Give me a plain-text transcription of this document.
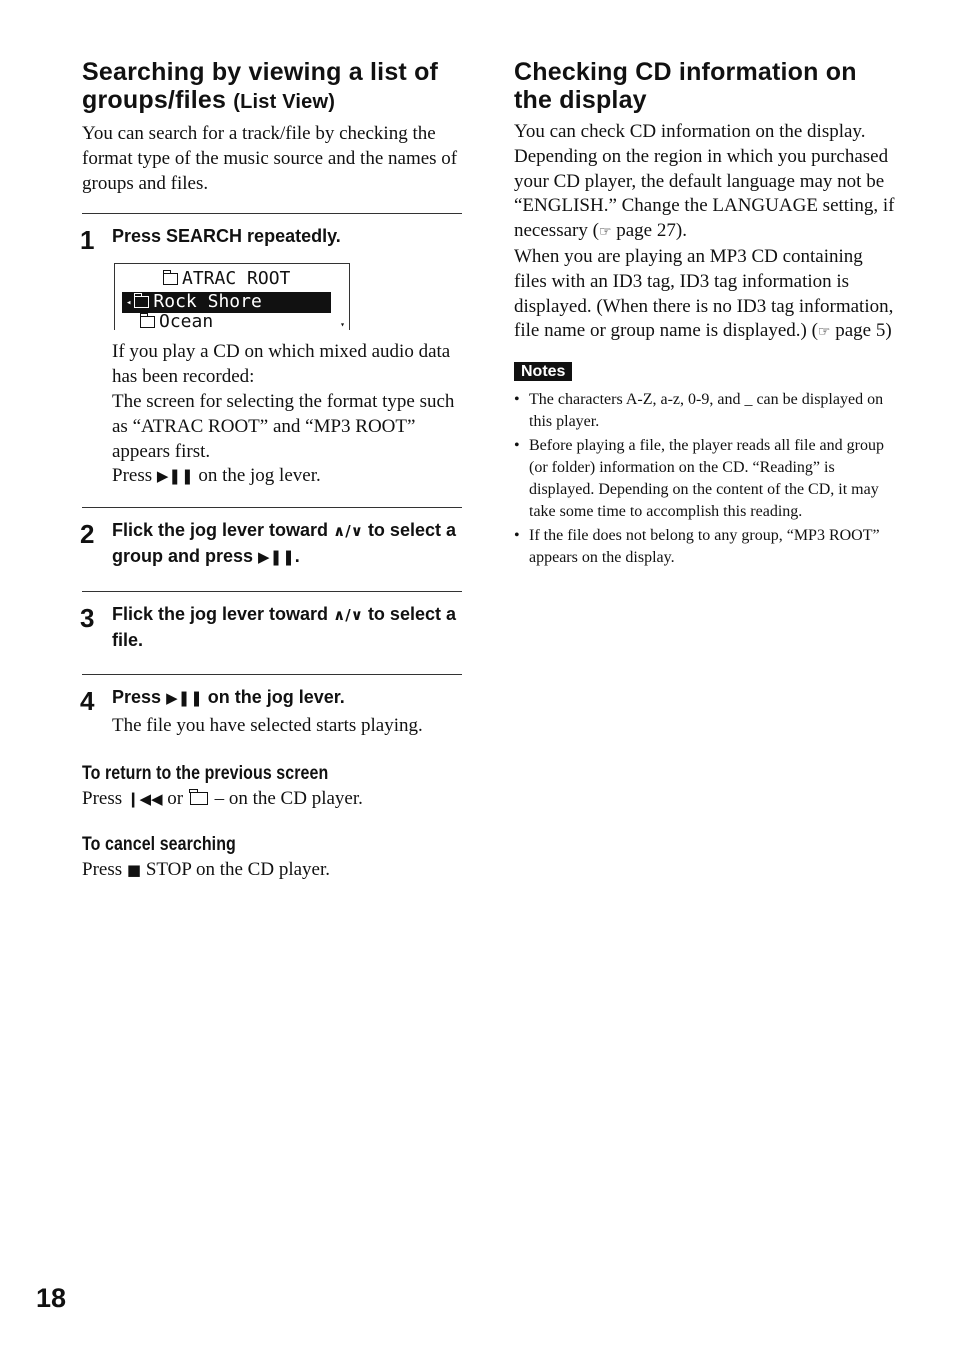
Searching by viewing a list of groups/files (List View)

You can search for a track/file by checking the format type of the music source and the names of groups and files.

1 Press SEARCH repeatedly.
ATRAC ROOT
◂ Rock Shore
Ocean	▾
If you play a CD on which mixed audio data has been recorded:
The screen for selecting the format type such as “ATRAC ROOT” and “MP3 ROOT” appears first.
Press ▶❚❚ on the jog lever.
2 Flick the jog lever toward ∧/∨ to select a group and press ▶❚❚.
3 Flick the jog lever toward ∧/∨ to select a file.
4 Press ▶❚❚ on the jog lever.
The file you have selected starts playing.
To return to the previous screen

Press ❙◀◀ or – on the CD player.

To cancel searching

Press ■ STOP on the CD player.

Checking CD information on the display

You can check CD information on the display. Depending on the region in which you purchased your CD player, the default language may not be “ENGLISH.” Change the LANGUAGE setting, if necessary (☞ page 27).

When you are playing an MP3 CD containing files with an ID3 tag, ID3 tag information is displayed. (When there is no ID3 tag information, file name or group name is displayed.) (☞ page 5)

Notes
• The characters A-Z, a-z, 0-9, and _ can be displayed on this player.
• Before playing a file, the player reads all file and group (or folder) information on the CD. “Reading” is displayed. Depending on the content of the CD, it may take some time to accomplish this reading.
• If the file does not belong to any group, “MP3 ROOT” appears on the display.
18
